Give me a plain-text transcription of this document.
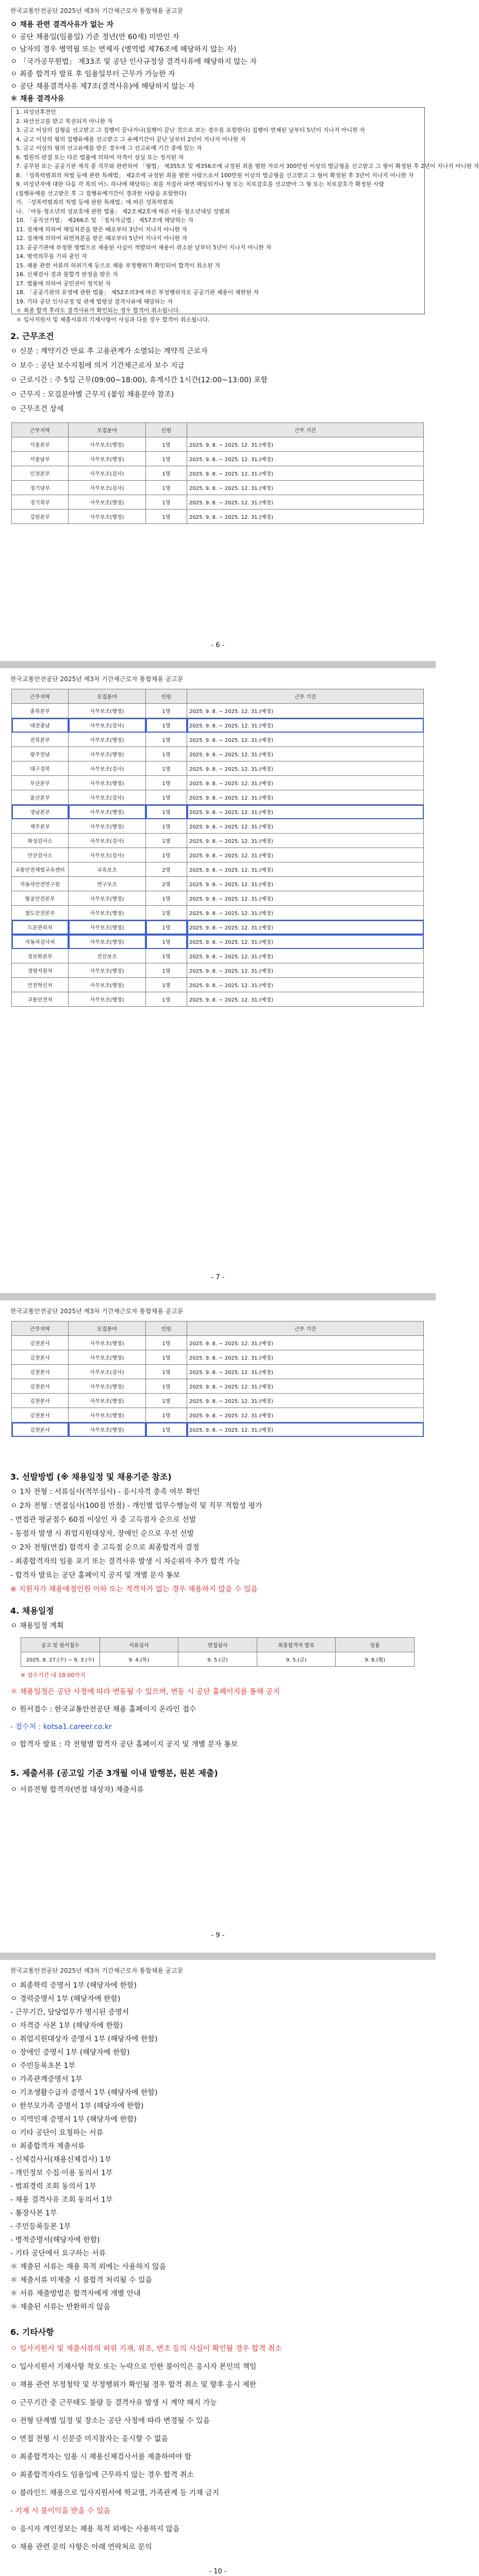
한국교통안전공단 2025년 제3차 기간제근로자 통합채용 공고문
ㅇ 채용 관련 결격사유가 없는 자
ㅇ 공단 채용일(임용일) 기준 정년(만 60세) 미만인 자
ㅇ 남자의 경우 병역필 또는 면제자 (병역법 제76조에 해당하지 않는 자)
ㅇ 「국가공무원법」 제33조 및 공단 인사규정상 결격사유에 해당하지 않는 자
ㅇ 최종 합격자 발표 후 임용일부터 근무가 가능한 자
ㅇ 공단 채용결격사유 제7조(결격사유)에 해당하지 않는 자
＊ 채용 결격사유
1. 피성년후견인
2. 파산선고를 받고 복권되지 아니한 자
3. 금고 이상의 실형을 선고받고 그 집행이 끝나거나(집행이 끝난 것으로 보는 경우를 포함한다) 집행이 면제된 날부터 5년이 지나지 아니한 자
4. 금고 이상의 형의 집행유예를 선고받고 그 유예기간이 끝난 날부터 2년이 지나지 아니한 자
5. 금고 이상의 형의 선고유예를 받은 경우에 그 선고유예 기간 중에 있는 자
6. 법원의 판결 또는 다른 법률에 의하여 자격이 상실 또는 정지된 자
7. 공무원 또는 공공기관 재직 중 직무와 관련하여 「형법」 제355조 및 제356조에 규정된 죄를 범한 자로서 300만원 이상의 벌금형을 선고받고 그 형이 확정된 후 2년이 지나지 아니한 자
8. 「성폭력범죄의 처벌 등에 관한 특례법」 제2조에 규정된 죄를 범한 사람으로서 100만원 이상의 벌금형을 선고받고 그 형이 확정된 후 3년이 지나지 아니한 자
9. 미성년자에 대한 다음 각 목의 어느 하나에 해당하는 죄를 저질러 파면·해임되거나 형 또는 치료감호를 선고받아 그 형 또는 치료감호가 확정된 사람
(집행유예를 선고받은 후 그 집행유예기간이 경과한 사람을 포함한다)
가. 「성폭력범죄의 처벌 등에 관한 특례법」에 따른 성폭력범죄
나. 「아동·청소년의 성보호에 관한 법률」 제2조제2호에 따른 아동·청소년대상 성범죄
10. 「공직선거법」 제266조 및 「정치자금법」 제57조에 해당하는 자
11. 징계에 의하여 해임처분을 받은 때로부터 3년이 지나지 아니한 자
12. 징계에 의하여 파면처분을 받은 때로부터 5년이 지나지 아니한 자
13. 공공기관에 부정한 방법으로 채용된 사실이 적발되어 채용이 취소된 날부터 5년이 지나지 아니한 자
14. 병역의무를 기피 중인 자
15. 채용 관련 서류의 허위기재 등으로 채용 부정행위가 확인되어 합격이 취소된 자
16. 신체검사 결과 불합격 판정을 받은 자
17. 법률에 의하여 공민권이 정지된 자
18. 「공공기관의 운영에 관한 법률」 제52조의3에 따른 부정행위자로 공공기관 채용이 제한된 자
19. 기타 공단 인사규정 및 관계 법령상 결격사유에 해당하는 자
＊ 최종 합격 후라도 결격사유가 확인되는 경우 합격이 취소됩니다.
＊ 입사지원서 및 제출서류의 기재사항이 사실과 다를 경우 합격이 취소됩니다.
2. 근무조건
ㅇ 신분 : 계약기간 만료 후 고용관계가 소멸되는 계약직 근로자
ㅇ 보수 : 공단 보수지침에 의거 기간제근로자 보수 지급
ㅇ 근로시간 : 주 5일 근무(09:00~18:00), 휴게시간 1시간(12:00~13:00) 포함
ㅇ 근무지 : 모집분야별 근무지 (붙임 채용분야 참조)
ㅇ 근무조건 상세
근무지역	모집분야	인원	근무 기간
서울본부	사무보조(행정)	1명	2025. 9. 8. ~ 2025. 12. 31.(예정)
서울남부	사무보조(행정)	1명	2025. 9. 8. ~ 2025. 12. 31.(예정)
인천본부	사무보조(검사)	1명	2025. 9. 8. ~ 2025. 12. 31.(예정)
경기남부	사무보조(검사)	1명	2025. 9. 8. ~ 2025. 12. 31.(예정)
경기북부	사무보조(행정)	1명	2025. 9. 8. ~ 2025. 12. 31.(예정)
강원본부	사무보조(행정)	1명	2025. 9. 8. ~ 2025. 12. 31.(예정)
- 6 -
한국교통안전공단 2025년 제3차 기간제근로자 통합채용 공고문
근무지역	모집분야	인원	근무 기간
충북본부	사무보조(행정)	1명	2025. 9. 8. ~ 2025. 12. 31.(예정)
대전충남	사무보조(검사)	1명	2025. 9. 8. ~ 2025. 12. 31.(예정)
전북본부	사무보조(행정)	1명	2025. 9. 8. ~ 2025. 12. 31.(예정)
광주전남	사무보조(행정)	1명	2025. 9. 8. ~ 2025. 12. 31.(예정)
대구경북	사무보조(검사)	1명	2025. 9. 8. ~ 2025. 12. 31.(예정)
부산본부	사무보조(행정)	1명	2025. 9. 8. ~ 2025. 12. 31.(예정)
울산본부	사무보조(검사)	1명	2025. 9. 8. ~ 2025. 12. 31.(예정)
경남본부	사무보조(행정)	1명	2025. 9. 8. ~ 2025. 12. 31.(예정)
제주본부	사무보조(행정)	1명	2025. 9. 8. ~ 2025. 12. 31.(예정)
화성검사소	사무보조(검사)	1명	2025. 9. 8. ~ 2025. 12. 31.(예정)
안산검사소	사무보조(검사)	1명	2025. 9. 8. ~ 2025. 12. 31.(예정)
교통안전체험교육센터	교육보조	2명	2025. 9. 8. ~ 2025. 12. 31.(예정)
자동차안전연구원	연구보조	2명	2025. 9. 8. ~ 2025. 12. 31.(예정)
항공안전본부	사무보조(행정)	1명	2025. 9. 8. ~ 2025. 12. 31.(예정)
철도안전본부	사무보조(행정)	1명	2025. 9. 8. ~ 2025. 12. 31.(예정)
드론관리처	사무보조(행정)	1명	2025. 9. 8. ~ 2025. 12. 31.(예정)
자동차검사처	사무보조(행정)	1명	2025. 9. 8. ~ 2025. 12. 31.(예정)
정보화본부	전산보조	1명	2025. 9. 8. ~ 2025. 12. 31.(예정)
경영지원처	사무보조(행정)	1명	2025. 9. 8. ~ 2025. 12. 31.(예정)
안전혁신처	사무보조(행정)	1명	2025. 9. 8. ~ 2025. 12. 31.(예정)
교통안전처	사무보조(행정)	1명	2025. 9. 8. ~ 2025. 12. 31.(예정)
- 7 -
한국교통안전공단 2025년 제3차 기간제근로자 통합채용 공고문
근무지역	모집분야	인원	근무 기간
김천본사	사무보조(행정)	1명	2025. 9. 8. ~ 2025. 12. 31.(예정)
김천본사	사무보조(행정)	1명	2025. 9. 8. ~ 2025. 12. 31.(예정)
김천본사	사무보조(검사)	1명	2025. 9. 8. ~ 2025. 12. 31.(예정)
김천본사	사무보조(행정)	1명	2025. 9. 8. ~ 2025. 12. 31.(예정)
김천본사	사무보조(행정)	1명	2025. 9. 8. ~ 2025. 12. 31.(예정)
김천본사	사무보조(행정)	1명	2025. 9. 8. ~ 2025. 12. 31.(예정)
김천본사	사무보조(행정)	1명	2025. 9. 8. ~ 2025. 12. 31.(예정)
3. 선발방법 (※ 채용일정 및 채용기준 참조)
ㅇ 1차 전형 : 서류심사(적부심사) - 응시자격 충족 여부 확인
ㅇ 2차 전형 : 면접심사(100점 만점) - 개인별 업무수행능력 및 직무 적합성 평가
- 면접관 평균점수 60점 이상인 자 중 고득점자 순으로 선발
- 동점자 발생 시 취업지원대상자, 장애인 순으로 우선 선발
ㅇ 2차 전형(면접) 합격자 중 고득점 순으로 최종합격자 결정
- 최종합격자의 임용 포기 또는 결격사유 발생 시 차순위자 추가 합격 가능
- 합격자 발표는 공단 홈페이지 공지 및 개별 문자 통보
※ 지원자가 채용예정인원 이하 또는 적격자가 없는 경우 채용하지 않을 수 있음
4. 채용일정
ㅇ 채용일정 계획
공고 및 원서접수	서류심사	면접심사	최종합격자 발표	임용
2025. 8. 27.(수) ~ 9. 3.(수)	9. 4.(목)	9. 5.(금)	9. 5.(금)	9. 8.(월)
※ 접수기간 내 18:00까지
＊ 채용일정은 공단 사정에 따라 변동될 수 있으며, 변동 시 공단 홈페이지를 통해 공지
ㅇ 원서접수 : 한국교통안전공단 채용 홈페이지 온라인 접수
- 접수처 : kotsa1.career.co.kr
ㅇ 합격자 발표 : 각 전형별 합격자 공단 홈페이지 공지 및 개별 문자 통보
5. 제출서류 (공고일 기준 3개월 이내 발행분, 원본 제출)
ㅇ 서류전형 합격자(면접 대상자) 제출서류
- 9 -
한국교통안전공단 2025년 제3차 기간제근로자 통합채용 공고문
ㅇ 최종학력 증명서 1부 (해당자에 한함)
ㅇ 경력증명서 1부 (해당자에 한함)
- 근무기간, 담당업무가 명시된 증명서
ㅇ 자격증 사본 1부 (해당자에 한함)
ㅇ 취업지원대상자 증명서 1부 (해당자에 한함)
ㅇ 장애인 증명서 1부 (해당자에 한함)
ㅇ 주민등록초본 1부
ㅇ 가족관계증명서 1부
ㅇ 기초생활수급자 증명서 1부 (해당자에 한함)
ㅇ 한부모가족 증명서 1부 (해당자에 한함)
ㅇ 지역인재 증명서 1부 (해당자에 한함)
ㅇ 기타 공단이 요청하는 서류
ㅇ 최종합격자 제출서류
- 신체검사서(채용신체검사) 1부
- 개인정보 수집·이용 동의서 1부
- 범죄경력 조회 동의서 1부
- 채용 결격사유 조회 동의서 1부
- 통장사본 1부
- 주민등록등본 1부
- 병적증명서(해당자에 한함)
- 기타 공단에서 요구하는 서류
＊ 제출된 서류는 채용 목적 외에는 사용하지 않음
＊ 제출서류 미제출 시 불합격 처리될 수 있음
＊ 서류 제출방법은 합격자에게 개별 안내
＊ 제출된 서류는 반환하지 않음
6. 기타사항
ㅇ 입사지원서 및 제출서류의 허위 기재, 위조, 변조 등의 사실이 확인될 경우 합격 취소
ㅇ 입사지원서 기재사항 착오 또는 누락으로 인한 불이익은 응시자 본인의 책임
ㅇ 채용 관련 부정청탁 및 부정행위가 확인될 경우 합격 취소 및 향후 응시 제한
ㅇ 근무기간 중 근무태도 불량 등 결격사유 발생 시 계약 해지 가능
ㅇ 전형 단계별 일정 및 장소는 공단 사정에 따라 변경될 수 있음
ㅇ 면접 전형 시 신분증 미지참자는 응시할 수 없음
ㅇ 최종합격자는 임용 시 채용신체검사서를 제출하여야 함
ㅇ 최종합격자라도 임용일에 근무하지 않는 경우 합격 취소
ㅇ 블라인드 채용으로 입사지원서에 학교명, 가족관계 등 기재 금지
- 기재 시 불이익을 받을 수 있음
ㅇ 응시자 개인정보는 채용 목적 외에는 사용하지 않음
ㅇ 채용 관련 문의 사항은 아래 연락처로 문의
- 10 -
